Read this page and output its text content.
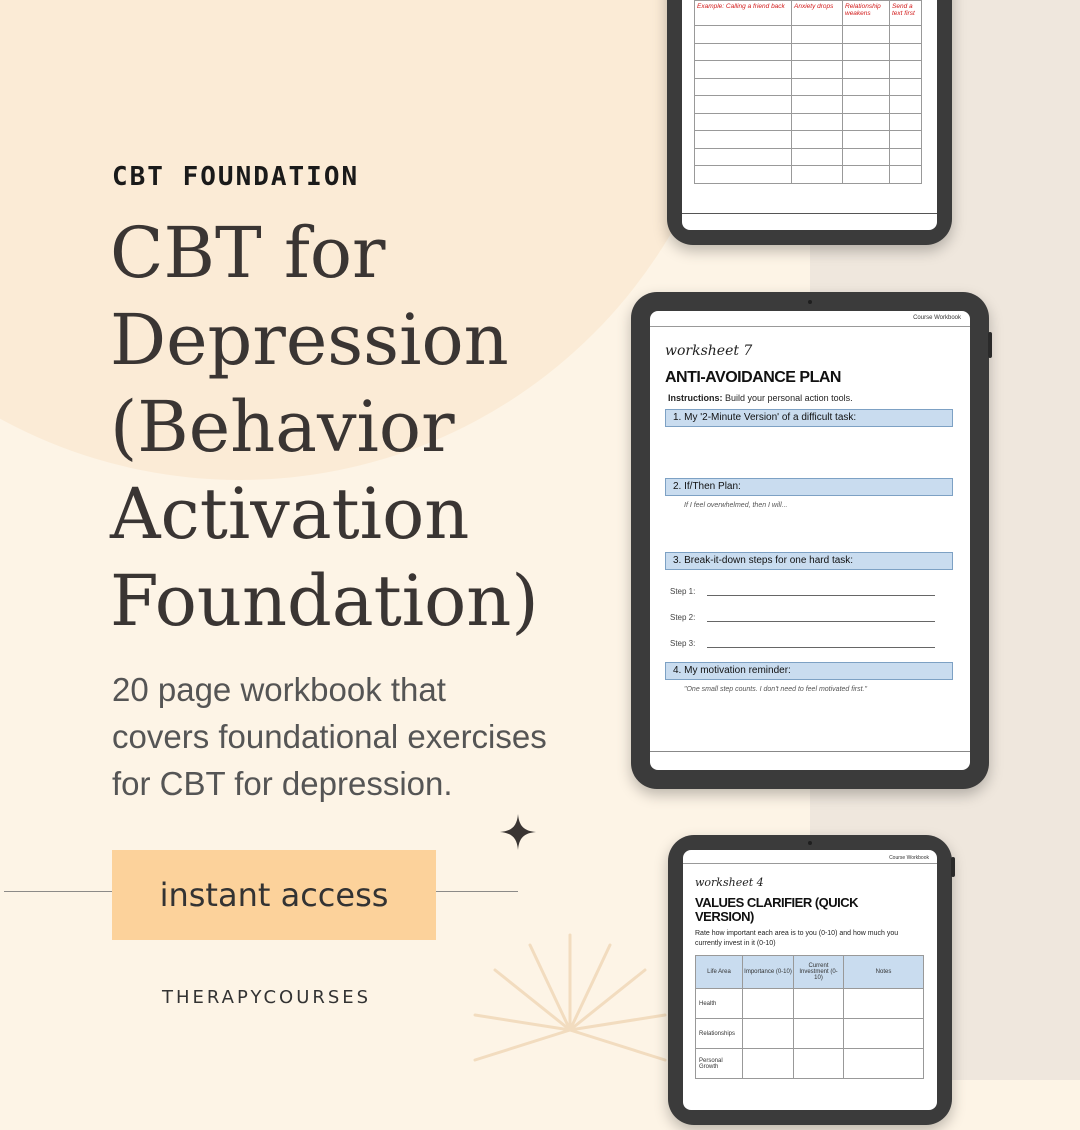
CBT FOUNDATION
CBT for
Depression
(Behavior
Activation
Foundation)

20 page workbook that
covers foundational exercises
for CBT for depression.

instant access
THERAPYCOURSES
Example: Calling a friend back	Anxiety drops	Relationship weakens	Send a text first

Course Workbook
worksheet 7
ANTI-AVOIDANCE PLAN
Instructions: Build your personal action tools.
1. My '2-Minute Version' of a difficult task:
2. If/Then Plan:
If I feel overwhelmed, then I will...
3. Break-it-down steps for one hard task:
Step 1:
Step 2:
Step 3:
4. My motivation reminder:
"One small step counts. I don't need to feel motivated first."
Course Workbook
worksheet 4
VALUES CLARIFIER (QUICK
VERSION)
Rate how important each area is to you (0-10) and how much you
currently invest in it (0-10)
Life Area	Importance (0-10)	Current Investment (0-10)	Notes
Health			
Relationships			
Personal Growth			
